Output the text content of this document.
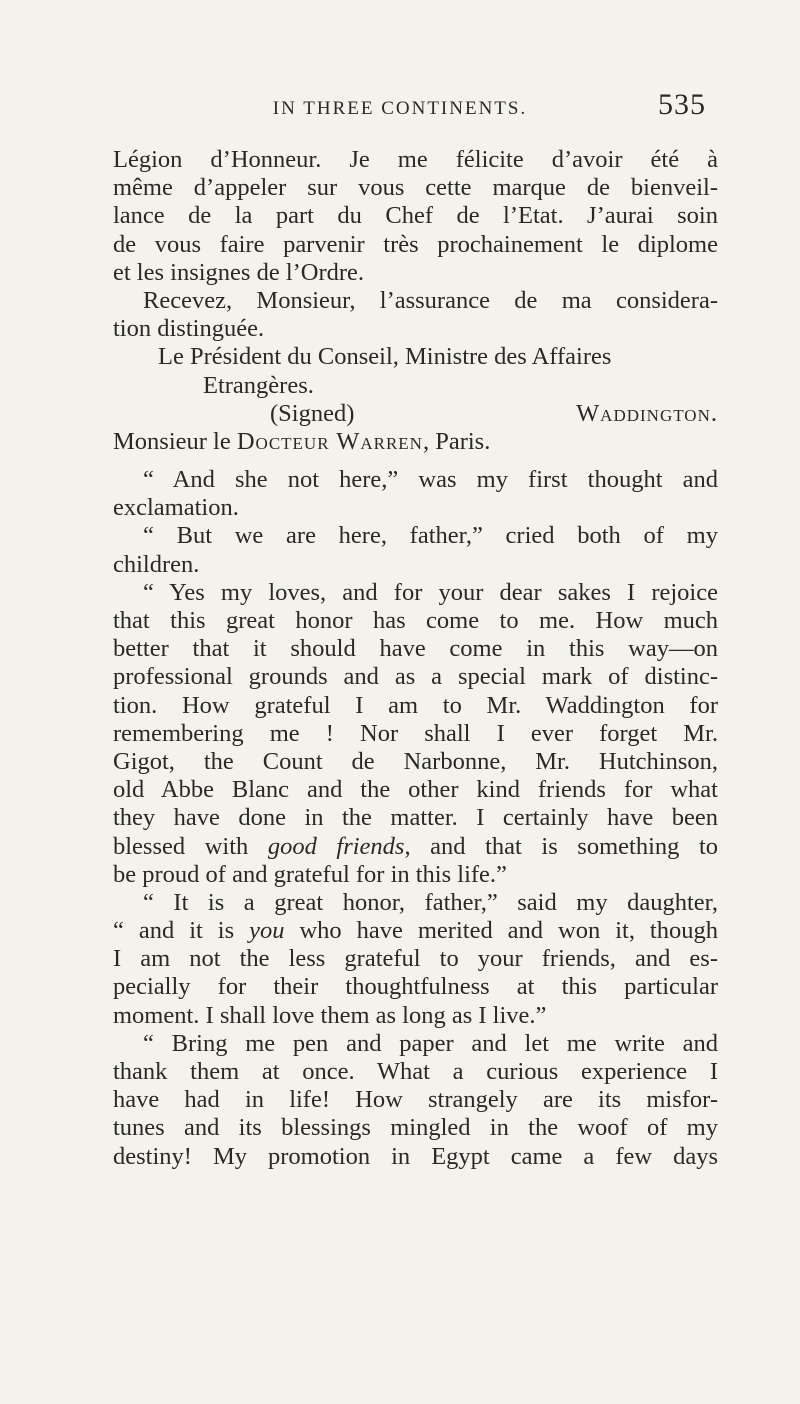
IN THREE CONTINENTS.	535
Légion d’Honneur. Je me félicite d’avoir été à
même d’appeler sur vous cette marque de bienveil-
lance de la part du Chef de l’Etat. J’aurai soin
de vous faire parvenir très prochainement le diplome
et les insignes de l’Ordre.
Recevez, Monsieur, l’assurance de ma considera-
tion distinguée.
Le Président du Conseil, Ministre des Affaires
Etrangères.
(Signed)	Waddington.
Monsieur le Docteur Warren, Paris.
“ And she not here,” was my first thought and
exclamation.
“ But we are here, father,” cried both of my
children.
“ Yes my loves, and for your dear sakes I rejoice
that this great honor has come to me. How much
better that it should have come in this way—on
professional grounds and as a special mark of distinc-
tion. How grateful I am to Mr. Waddington for
remembering me ! Nor shall I ever forget Mr.
Gigot, the Count de Narbonne, Mr. Hutchinson,
old Abbe Blanc and the other kind friends for what
they have done in the matter. I certainly have been
blessed with good friends, and that is something to
be proud of and grateful for in this life.”
“ It is a great honor, father,” said my daughter,
“ and it is you who have merited and won it, though
I am not the less grateful to your friends, and es-
pecially for their thoughtfulness at this particular
moment. I shall love them as long as I live.”
“ Bring me pen and paper and let me write and
thank them at once. What a curious experience I
have had in life! How strangely are its misfor-
tunes and its blessings mingled in the woof of my
destiny! My promotion in Egypt came a few days
